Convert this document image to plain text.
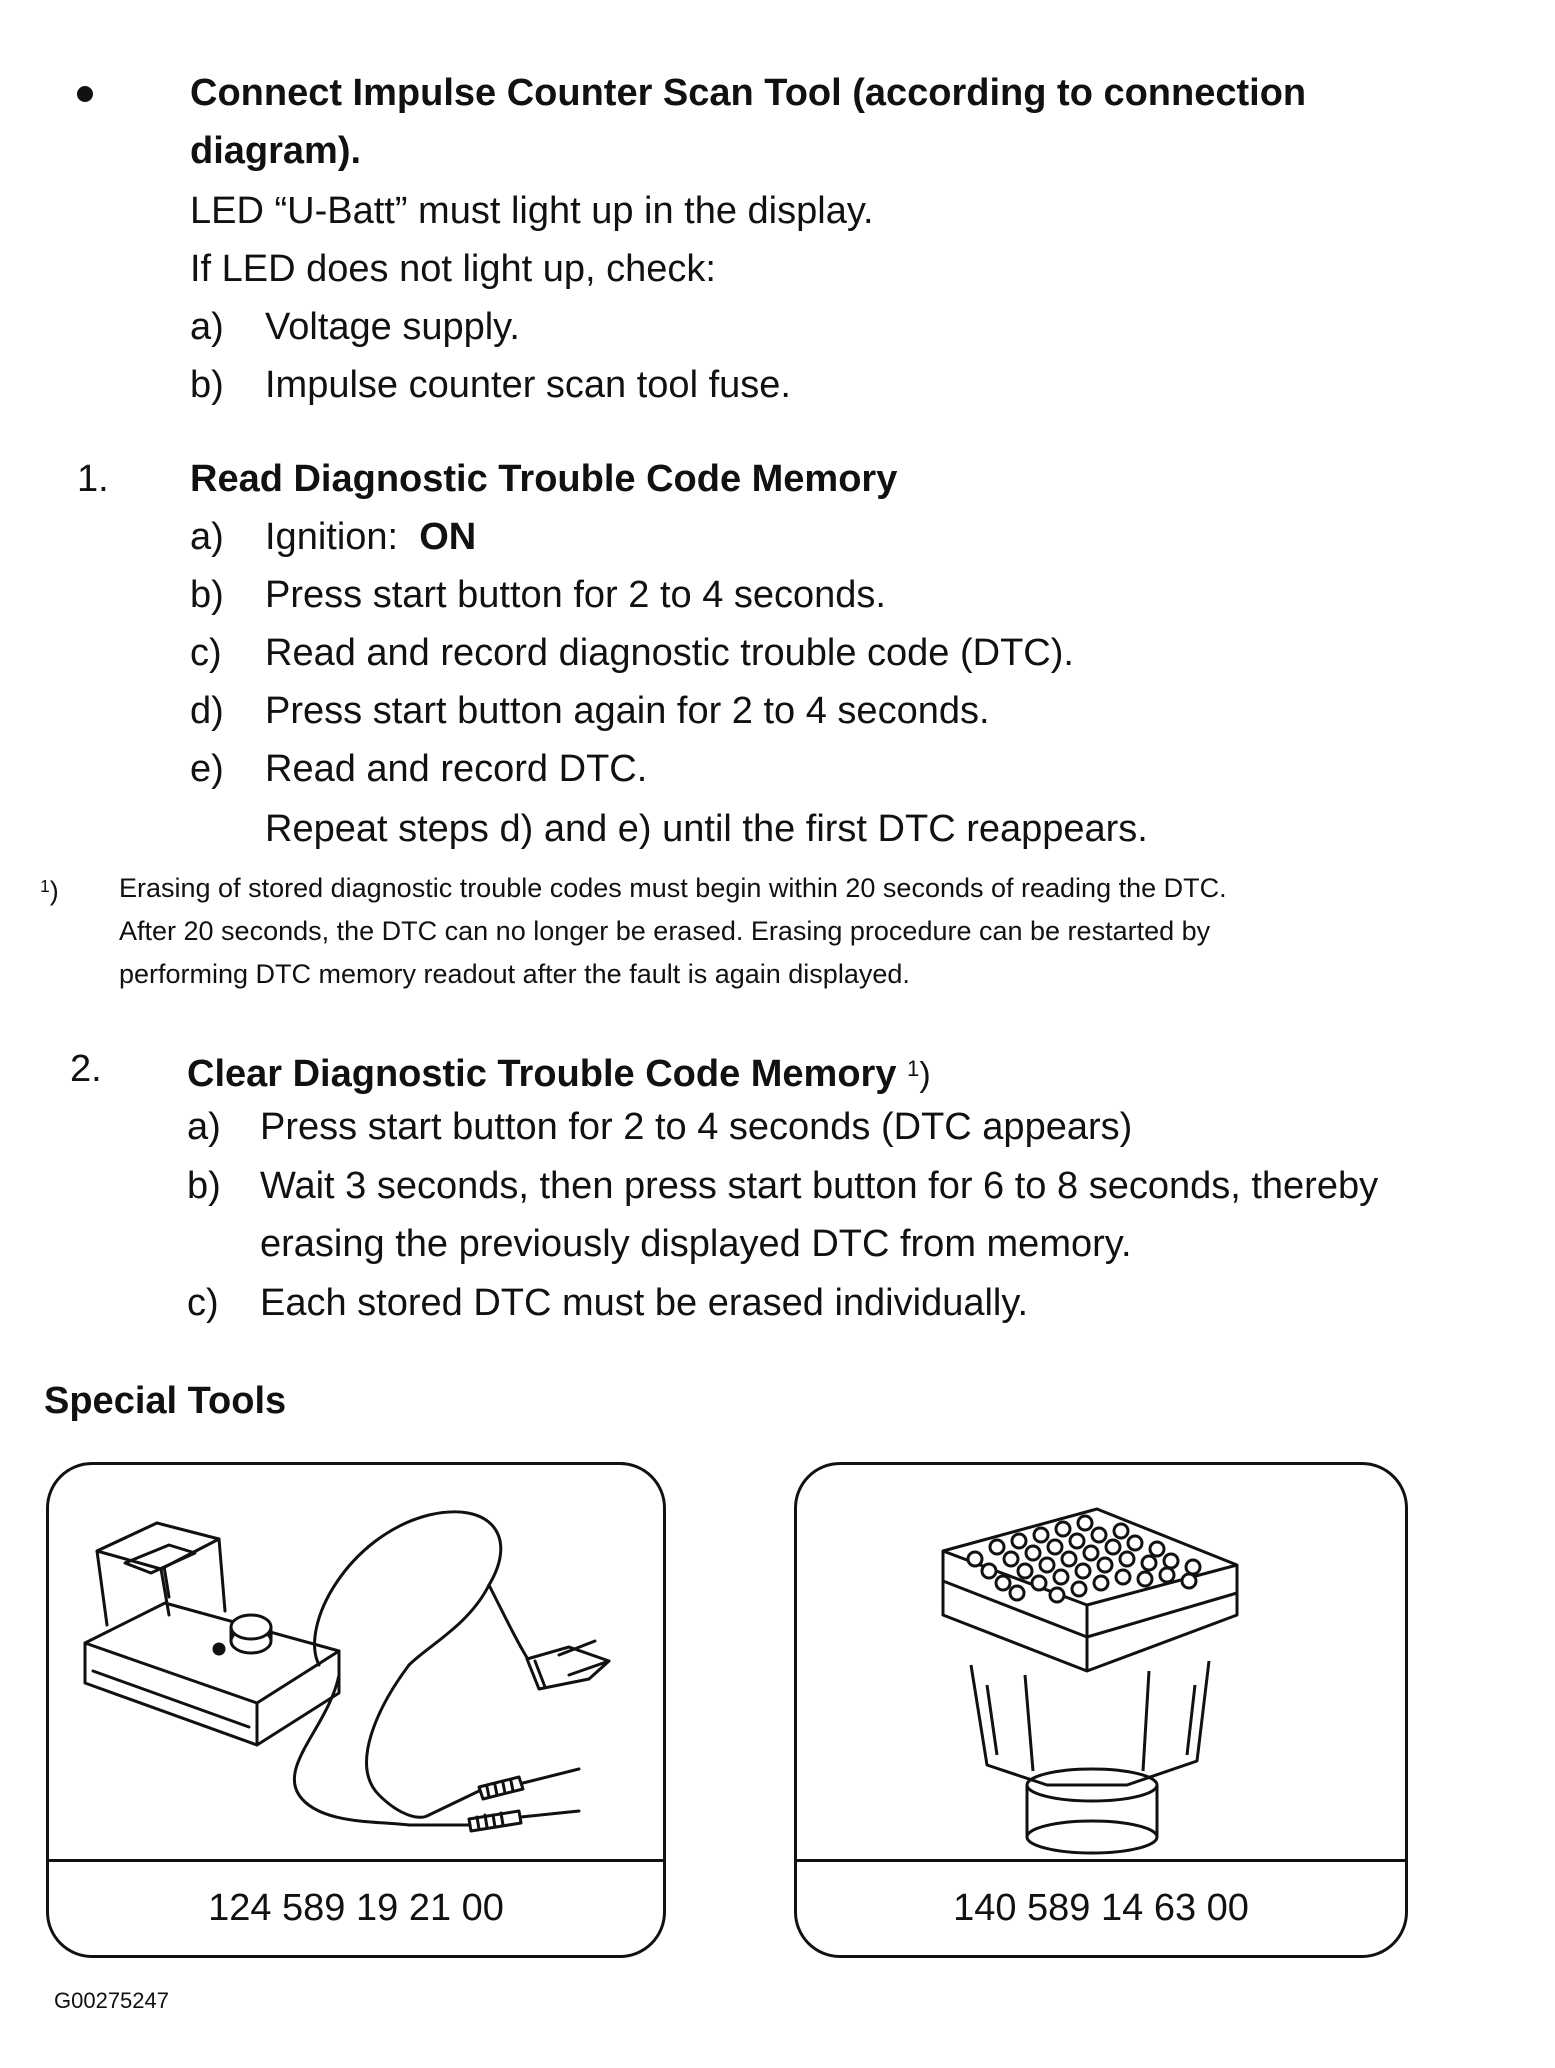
Connect Impulse Counter Scan Tool (according to connection
diagram).
LED “U-Batt” must light up in the display.
If LED does not light up, check:
a) Voltage supply.
b) Impulse counter scan tool fuse.
1. Read Diagnostic Trouble Code Memory
a) Ignition: ON
b) Press start button for 2 to 4 seconds.
c) Read and record diagnostic trouble code (DTC).
d) Press start button again for 2 to 4 seconds.
e) Read and record DTC.
Repeat steps d) and e) until the first DTC reappears.
$^1$) Erasing of stored diagnostic trouble codes must begin within 20 seconds of reading the DTC.
After 20 seconds, the DTC can no longer be erased. Erasing procedure can be restarted by
performing DTC memory readout after the fault is again displayed.
2. Clear Diagnostic Trouble Code Memory $^1$)
a) Press start button for 2 to 4 seconds (DTC appears)
b) Wait 3 seconds, then press start button for 6 to 8 seconds, thereby
erasing the previously displayed DTC from memory.
c) Each stored DTC must be erased individually.
Special Tools
124 589 19 21 00	140 589 14 63 00
G00275247
